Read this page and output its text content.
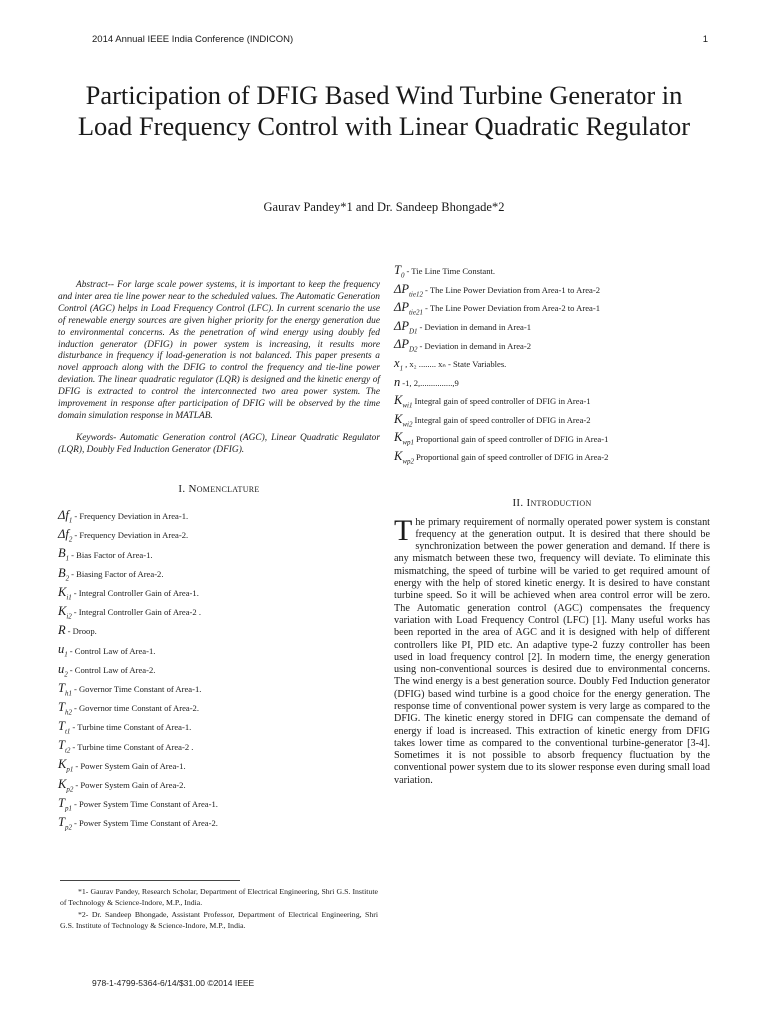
2014 Annual IEEE India Conference (INDICON)	1
Participation of DFIG Based Wind Turbine Generator in Load Frequency Control with Linear Quadratic Regulator
Gaurav Pandey*1 and Dr. Sandeep Bhongade*2

Abstract-- For large scale power systems, it is important to keep the frequency and inter area tie line power near to the scheduled values. The Automatic Generation Control (AGC) helps in Load Frequency Control (LFC). In current scenario the use of renewable energy sources are given higher priority for the energy generation due to environmental concerns. As the penetration of wind energy using doubly fed induction generator (DFIG) in power system is increasing, it results more disturbance in frequency if load-generation is not balanced. This paper presents a novel approach along with the DFIG to control the frequency and tie-line power deviation. The linear quadratic regulator (LQR) is designed and the kinetic energy of DFIG is extracted to control the interconnected two area power system. The improvement in response after participation of DFIG will be observed by the time domain simulation response in MATLAB.

Keywords- Automatic Generation control (AGC), Linear Quadratic Regulator (LQR), Doubly Fed Induction Generator (DFIG).

I. Nomenclature
$\Delta f_1$ - Frequency Deviation in Area-1.
$\Delta f_2$ - Frequency Deviation in Area-2.
$B_1$ - Bias Factor of Area-1.
$B_2$ - Biasing Factor of Area-2.
$K_{i1}$ - Integral Controller Gain of Area-1.
$K_{i2}$ - Integral Controller Gain of Area-2 .
R - Droop.
$u_1$ - Control Law of Area-1.
$u_2$ - Control Law of Area-2.
$T_{h1}$ - Governor Time Constant of Area-1.
$T_{h2}$ - Governor time Constant of Area-2.
$T_{t1}$ - Turbine time Constant of Area-1.
$T_{t2}$ - Turbine time Constant of Area-2 .
$K_{p1}$ - Power System Gain of Area-1.
$K_{p2}$ - Power System Gain of Area-2.
$T_{p1}$ - Power System Time Constant of Area-1.
$T_{p2}$ - Power System Time Constant of Area-2.
$T_0$ - Tie Line Time Constant.
$\Delta P_{tie12}$ - The Line Power Deviation from Area-1 to Area-2
$\Delta P_{tie21}$ - The Line Power Deviation from Area-2 to Area-1
$\Delta P_{D1}$ - Deviation in demand in Area-1
$\Delta P_{D2}$ - Deviation in demand in Area-2
$x_1$ , x₂ ........ xₙ - State Variables.
n -1, 2,...............,9
$K_{wi1}$ Integral gain of speed controller of DFIG in Area-1
$K_{wi2}$ Integral gain of speed controller of DFIG in Area-2
$K_{wp1}$ Proportional gain of speed controller of DFIG in Area-1
$K_{wp2}$ Proportional gain of speed controller of DFIG in Area-2
II. Introduction

The primary requirement of normally operated power system is constant frequency at the generation output. It is desired that there should be synchronization between the power generation and demand. If there is any mismatch between these two, frequency will deviate. To eliminate this mismatching, the speed of turbine will be varied to get required amount of energy with the help of stored kinetic energy. It is desired to have constant turbine speed. So it will be achieved when area control error will be zero. The Automatic generation control (AGC) compensates the frequency variation with Load Frequency Control (LFC) [1]. Many useful works has been reported in the area of AGC and it is designed with help of different controllers like PI, PID etc. An adaptive type-2 fuzzy controller has been used in load frequency control [2]. In modern time, the energy generation using non-conventional sources is desired due to environmental concerns. The wind energy is a best generation source. Doubly Fed Induction generator (DFIG) based wind turbine is a good choice for the energy generation. The response time of conventional power system is very large as compared to the DFIG. The kinetic energy stored in DFIG can compensate the demand of energy if load is increased. This extraction of kinetic energy from DFIG takes lower time as compared to the conventional turbine-generator [3-4]. Sometimes it is not possible to absorb frequency fluctuation by the conventional power system due to its slower response even during small load variation.

*1- Gaurav Pandey, Research Scholar, Department of Electrical Engineering, Shri G.S. Institute of Technology & Science-Indore, M.P., India.

*2- Dr. Sandeep Bhongade, Assistant Professor, Department of Electrical Engineering, Shri G.S. Institute of Technology & Science-Indore, M.P., India.

978-1-4799-5364-6/14/$31.00 ©2014 IEEE
